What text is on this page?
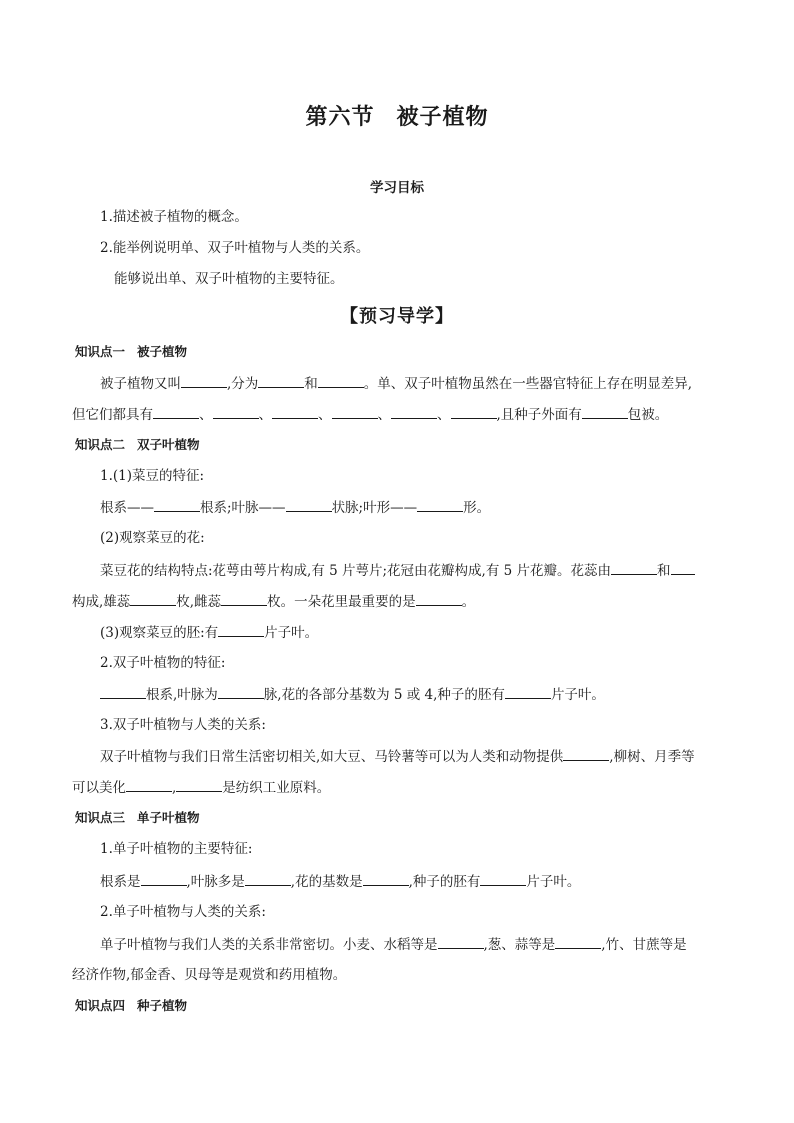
第六节 被子植物
学习目标
1.描述被子植物的概念。
2.能举例说明单、双子叶植物与人类的关系。
能够说出单、双子叶植物的主要特征。
【预习导学】
知识点一 被子植物
被子植物又叫	,分为	和	。单、双子叶植物虽然在一些器官特征上存在明显差异,
但它们都具有	、	、	、	、	、	,且种子外面有	包被。
知识点二 双子叶植物
1.(1)菜豆的特征:
根系——	根系;叶脉——	状脉;叶形——	形。
(2)观察菜豆的花:
菜豆花的结构特点:花萼由萼片构成,有 5 片萼片;花冠由花瓣构成,有 5 片花瓣。花蕊由	和
构成,雄蕊	枚,雌蕊	枚。一朵花里最重要的是	。
(3)观察菜豆的胚:有	片子叶。
2.双子叶植物的特征:
根系,叶脉为	脉,花的各部分基数为 5 或 4,种子的胚有	片子叶。
3.双子叶植物与人类的关系:
双子叶植物与我们日常生活密切相关,如大豆、马铃薯等可以为人类和动物提供	,柳树、月季等
可以美化	,	是纺织工业原料。
知识点三 单子叶植物
1.单子叶植物的主要特征:
根系是	,叶脉多是	,花的基数是	,种子的胚有	片子叶。
2.单子叶植物与人类的关系:
单子叶植物与我们人类的关系非常密切。小麦、水稻等是	,葱、蒜等是	,竹、甘蔗等是
经济作物,郁金香、贝母等是观赏和药用植物。
知识点四 种子植物
